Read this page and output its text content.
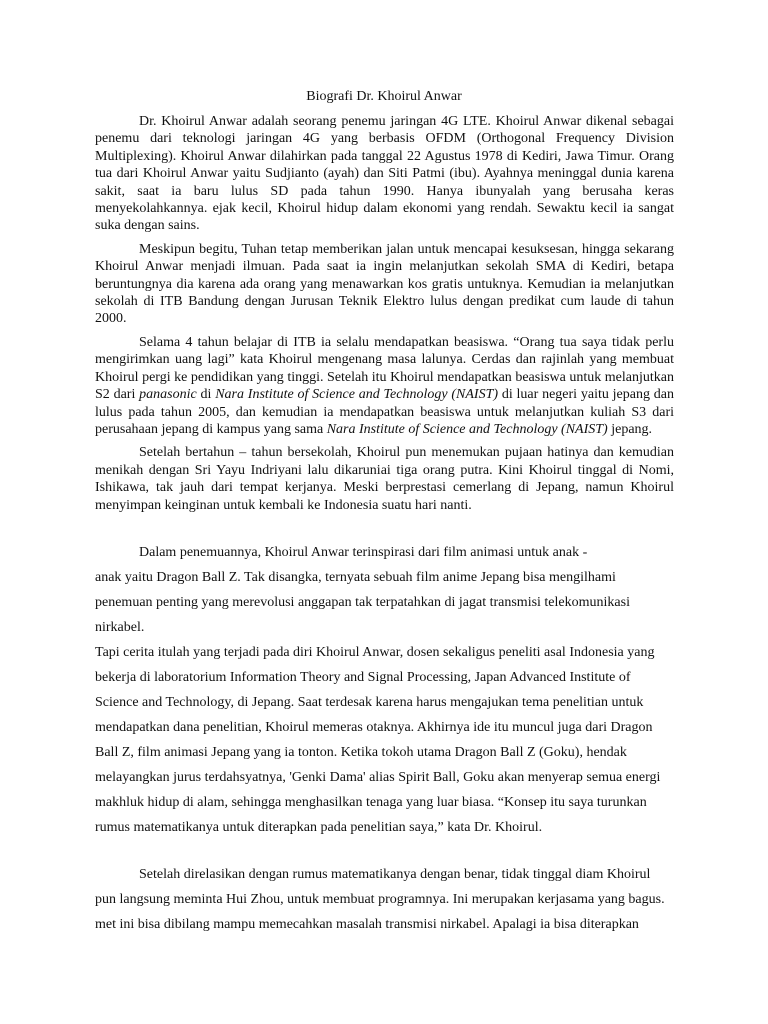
Biografi Dr. Khoirul Anwar

Dr. Khoirul Anwar adalah seorang penemu jaringan 4G LTE. Khoirul Anwar dikenal sebagai penemu dari teknologi jaringan 4G yang berbasis OFDM (Orthogonal Frequency Division Multiplexing). Khoirul Anwar dilahirkan pada tanggal 22 Agustus 1978 di Kediri, Jawa Timur. Orang tua dari Khoirul Anwar yaitu Sudjianto (ayah) dan Siti Patmi (ibu). Ayahnya meninggal dunia karena sakit, saat ia baru lulus SD pada tahun 1990. Hanya ibunyalah yang berusaha keras menyekolahkannya. ejak kecil, Khoirul hidup dalam ekonomi yang rendah. Sewaktu kecil ia sangat suka dengan sains.

Meskipun begitu, Tuhan tetap memberikan jalan untuk mencapai kesuksesan, hingga sekarang Khoirul Anwar menjadi ilmuan. Pada saat ia ingin melanjutkan sekolah SMA di Kediri, betapa beruntungnya dia karena ada orang yang menawarkan kos gratis untuknya. Kemudian ia melanjutkan sekolah di ITB Bandung dengan Jurusan Teknik Elektro lulus dengan predikat cum laude di tahun 2000.

Selama 4 tahun belajar di ITB ia selalu mendapatkan beasiswa. “Orang tua saya tidak perlu mengirimkan uang lagi” kata Khoirul mengenang masa lalunya. Cerdas dan rajinlah yang membuat Khoirul pergi ke pendidikan yang tinggi. Setelah itu Khoirul mendapatkan beasiswa untuk melanjutkan S2 dari panasonic di Nara Institute of Science and Technology (NAIST) di luar negeri yaitu jepang dan lulus pada tahun 2005, dan kemudian ia mendapatkan beasiswa untuk melanjutkan kuliah S3 dari perusahaan jepang di kampus yang sama Nara Institute of Science and Technology (NAIST) jepang.

Setelah bertahun – tahun bersekolah, Khoirul pun menemukan pujaan hatinya dan kemudian menikah dengan Sri Yayu Indriyani lalu dikaruniai tiga orang putra. Kini Khoirul tinggal di Nomi, Ishikawa, tak jauh dari tempat kerjanya. Meski berprestasi cemerlang di Jepang, namun Khoirul menyimpan keinginan untuk kembali ke Indonesia suatu hari nanti.

Dalam penemuannya, Khoirul Anwar terinspirasi dari film animasi untuk anak -

anak yaitu Dragon Ball Z. Tak disangka, ternyata sebuah film anime Jepang bisa mengilhami penemuan penting yang merevolusi anggapan tak terpatahkan di jagat transmisi telekomunikasi nirkabel.

Tapi cerita itulah yang terjadi pada diri Khoirul Anwar, dosen sekaligus peneliti asal Indonesia yang bekerja di laboratorium Information Theory and Signal Processing, Japan Advanced Institute of Science and Technology, di Jepang. Saat terdesak karena harus mengajukan tema penelitian untuk mendapatkan dana penelitian, Khoirul memeras otaknya. Akhirnya ide itu muncul juga dari Dragon Ball Z, film animasi Jepang yang ia tonton. Ketika tokoh utama Dragon Ball Z (Goku), hendak melayangkan jurus terdahsyatnya, 'Genki Dama' alias Spirit Ball, Goku akan menyerap semua energi makhluk hidup di alam, sehingga menghasilkan tenaga yang luar biasa. “Konsep itu saya turunkan rumus matematikanya untuk diterapkan pada penelitian saya,” kata Dr. Khoirul.

Setelah direlasikan dengan rumus matematikanya dengan benar, tidak tinggal diam Khoirul pun langsung meminta Hui Zhou, untuk membuat programnya. Ini merupakan kerjasama yang bagus.

met ini bisa dibilang mampu memecahkan masalah transmisi nirkabel. Apalagi ia bisa diterapkan
